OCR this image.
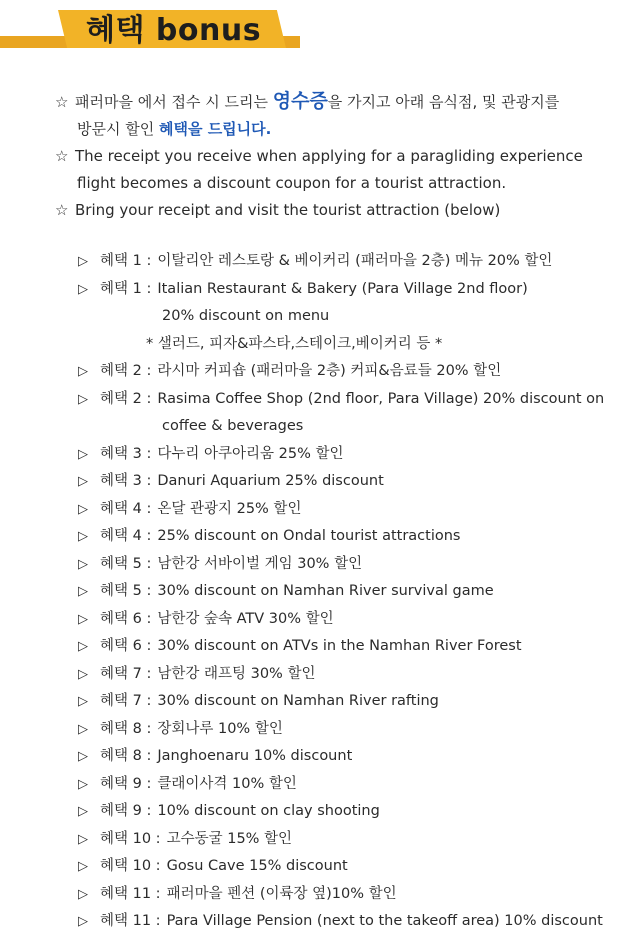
혜택 bonus
☆ 패러마을 에서 접수 시 드리는 영수증을 가지고 아래 음식점, 및 관광지를
방문시 할인 혜택을 드립니다.
☆ The receipt you receive when applying for a paragliding experience
flight becomes a discount coupon for a tourist attraction.
☆ Bring your receipt and visit the tourist attraction (below)
▷ 혜택 1 : 이탈리안 레스토랑 & 베이커리 (패러마을 2층) 메뉴 20% 할인
▷ 혜택 1 : Italian Restaurant & Bakery (Para Village 2nd floor)
20% discount on menu
* 샐러드, 피자&파스타,스테이크,베이커리 등 *
▷ 혜택 2 : 라시마 커피숍 (패러마을 2층) 커피&음료들 20% 할인
▷ 혜택 2 : Rasima Coffee Shop (2nd floor, Para Village) 20% discount on
coffee & beverages
▷ 혜택 3 : 다누리 아쿠아리움 25% 할인
▷ 혜택 3 : Danuri Aquarium 25% discount
▷ 혜택 4 : 온달 관광지 25% 할인
▷ 혜택 4 : 25% discount on Ondal tourist attractions
▷ 혜택 5 : 남한강 서바이벌 게임 30% 할인
▷ 혜택 5 : 30% discount on Namhan River survival game
▷ 혜택 6 : 남한강 숲속 ATV 30% 할인
▷ 혜택 6 : 30% discount on ATVs in the Namhan River Forest
▷ 혜택 7 : 남한강 래프팅 30% 할인
▷ 혜택 7 : 30% discount on Namhan River rafting
▷ 혜택 8 : 장회나루 10% 할인
▷ 혜택 8 : Janghoenaru 10% discount
▷ 혜택 9 : 클래이사격 10% 할인
▷ 혜택 9 : 10% discount on clay shooting
▷ 혜택 10 : 고수동굴 15% 할인
▷ 혜택 10 : Gosu Cave 15% discount
▷ 혜택 11 : 패러마을 펜션 (이륙장 옆)10% 할인
▷ 혜택 11 : Para Village Pension (next to the takeoff area) 10% discount
